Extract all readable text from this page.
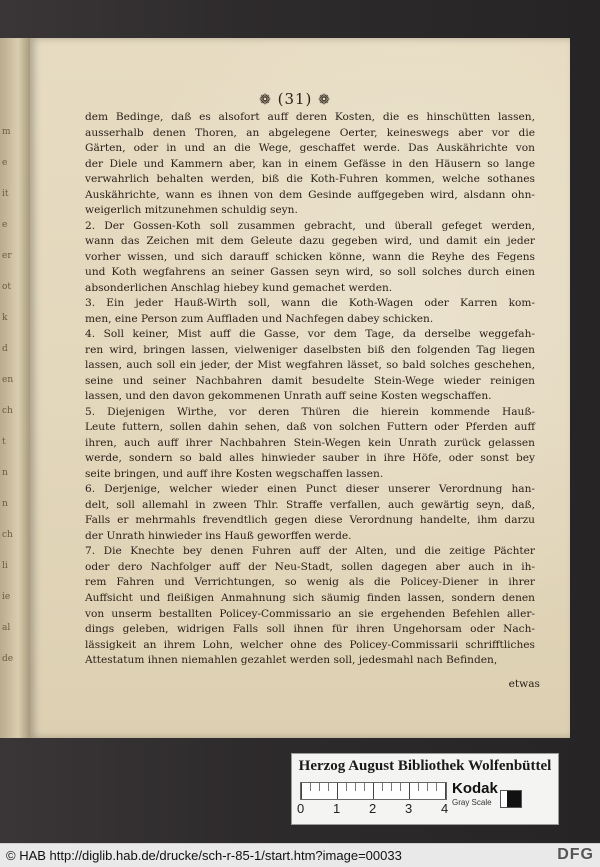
m
e
it
e
er
ot
k
d
en
ch
t
n
n
ch
li
ie
al
de
❁ (31) ❁
dem Bedinge, daß es alsofort auff deren Kosten, die es hinschütten lassen,
ausserhalb denen Thoren, an abgelegene Oerter, keineswegs aber vor die
Gärten, oder in und an die Wege, geschaffet werde. Das Auskährichte von
der Diele und Kammern aber, kan in einem Gefässe in den Häusern so lange
verwahrlich behalten werden, biß die Koth-Fuhren kommen, welche sothanes
Auskährichte, wann es ihnen von dem Gesinde auffgegeben wird, alsdann ohn-
weigerlich mitzunehmen schuldig seyn.
2. Der Gossen-Koth soll zusammen gebracht, und überall gefeget werden,
wann das Zeichen mit dem Geleute dazu gegeben wird, und damit ein jeder
vorher wissen, und sich darauff schicken könne, wann die Reyhe des Fegens
und Koth wegfahrens an seiner Gassen seyn wird, so soll solches durch einen
absonderlichen Anschlag hiebey kund gemachet werden.
3. Ein jeder Hauß-Wirth soll, wann die Koth-Wagen oder Karren kom-
men, eine Person zum Auffladen und Nachfegen dabey schicken.
4. Soll keiner, Mist auff die Gasse, vor dem Tage, da derselbe weggefah-
ren wird, bringen lassen, vielweniger daselbsten biß den folgenden Tag liegen
lassen, auch soll ein jeder, der Mist wegfahren lässet, so bald solches geschehen,
seine und seiner Nachbahren damit besudelte Stein-Wege wieder reinigen
lassen, und den davon gekommenen Unrath auff seine Kosten wegschaffen.
5. Diejenigen Wirthe, vor deren Thüren die hierein kommende Hauß-
Leute futtern, sollen dahin sehen, daß von solchen Futtern oder Pferden auff
ihren, auch auff ihrer Nachbahren Stein-Wegen kein Unrath zurück gelassen
werde, sondern so bald alles hinwieder sauber in ihre Höfe, oder sonst bey
seite bringen, und auff ihre Kosten wegschaffen lassen.
6. Derjenige, welcher wieder einen Punct dieser unserer Verordnung han-
delt, soll allemahl in zween Thlr. Straffe verfallen, auch gewärtig seyn, daß,
Falls er mehrmahls frevendtlich gegen diese Verordnung handelte, ihm darzu
der Unrath hinwieder ins Hauß geworffen werde.
7. Die Knechte bey denen Fuhren auff der Alten, und die zeitige Pächter
oder dero Nachfolger auff der Neu-Stadt, sollen dagegen aber auch in ih-
rem Fahren und Verrichtungen, so wenig als die Policey-Diener in ihrer
Auffsicht und fleißigen Anmahnung sich säumig finden lassen, sondern denen
von unserm bestallten Policey-Commissario an sie ergehenden Befehlen aller-
dings geleben, widrigen Falls soll ihnen für ihren Ungehorsam oder Nach-
lässigkeit an ihrem Lohn, welcher ohne des Policey-Commissarii schrifftliches
Attestatum ihnen niemahlen gezahlet werden soll, jedesmahl nach Befinden,
etwas
Herzog August Bibliothek Wolfenbüttel
0 1 2 3 4
Kodak
Gray Scale
© HAB http://diglib.hab.de/drucke/sch-r-85-1/start.htm?image=00033	DFG
